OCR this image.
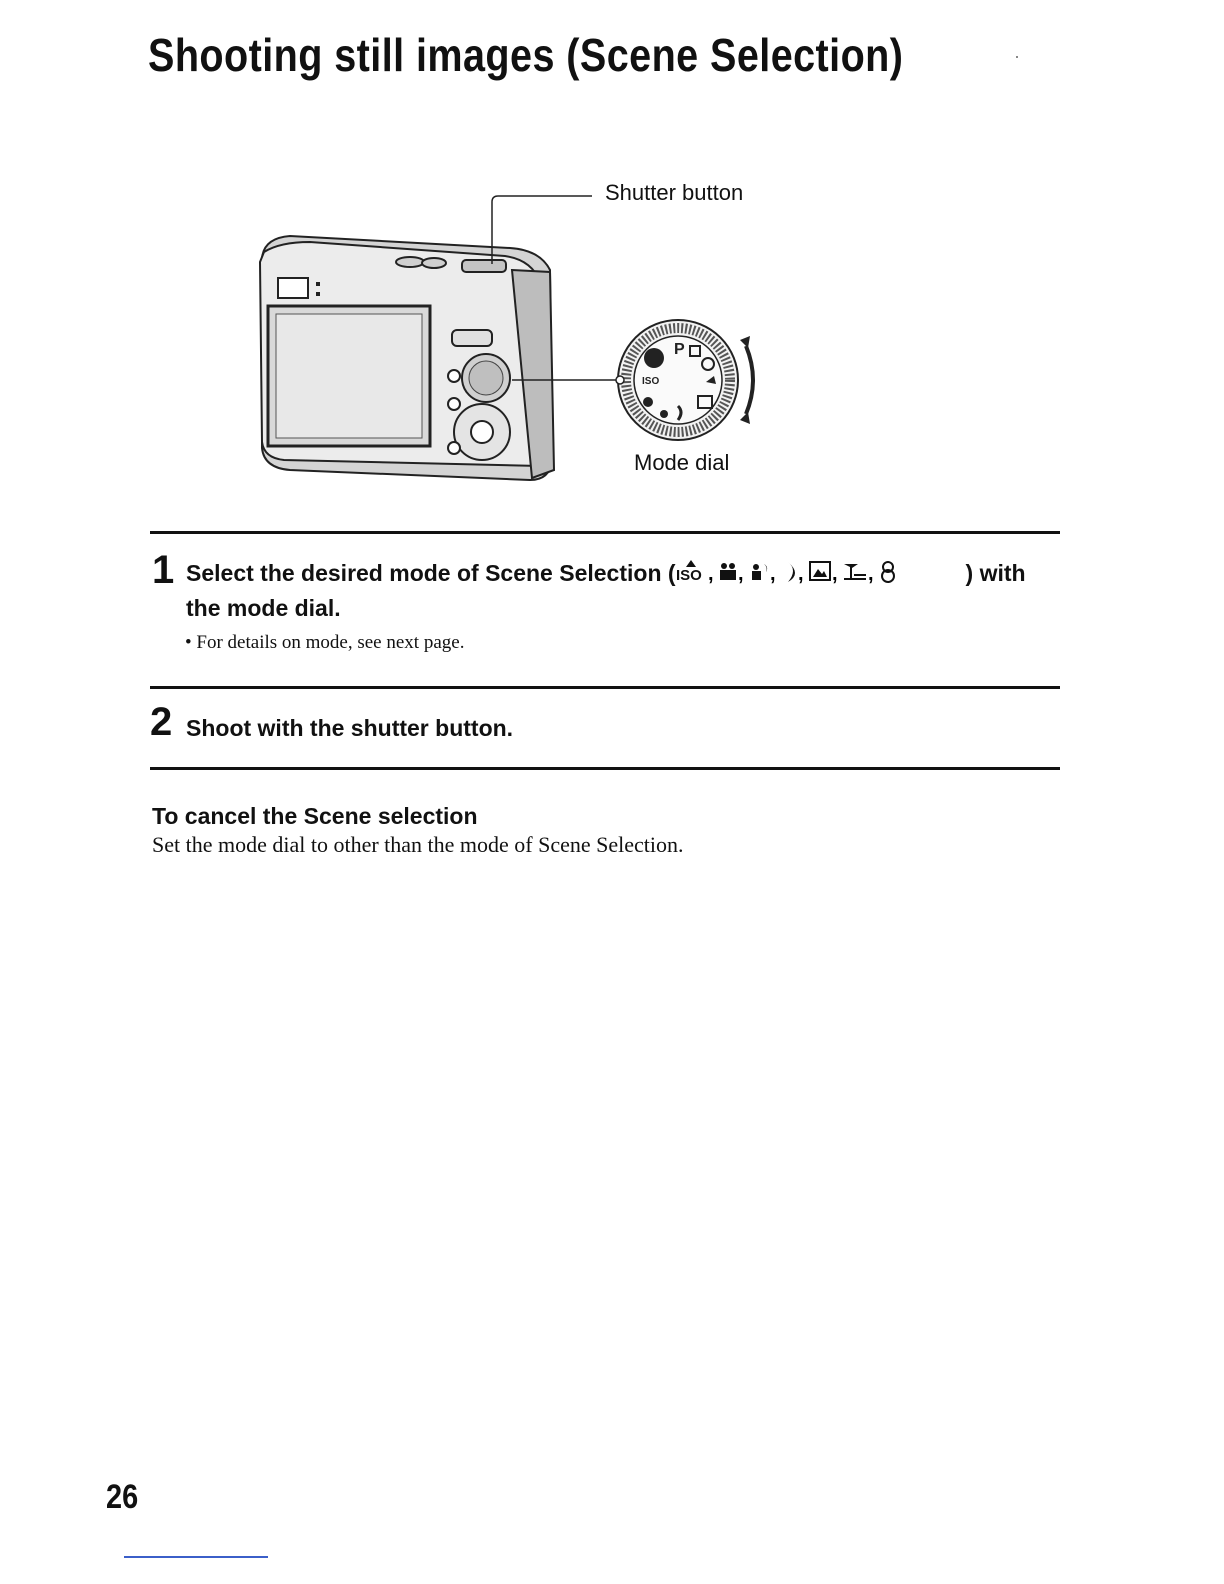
Shooting still images (Scene Selection)
P
ISO
Shutter button
Mode dial
1 Select the desired mode of Scene Selection ( ISO , , , , , ,	) with
the mode dial.
• For details on mode, see next page.
2 Shoot with the shutter button.
To cancel the Scene selection
Set the mode dial to other than the mode of Scene Selection.
26
